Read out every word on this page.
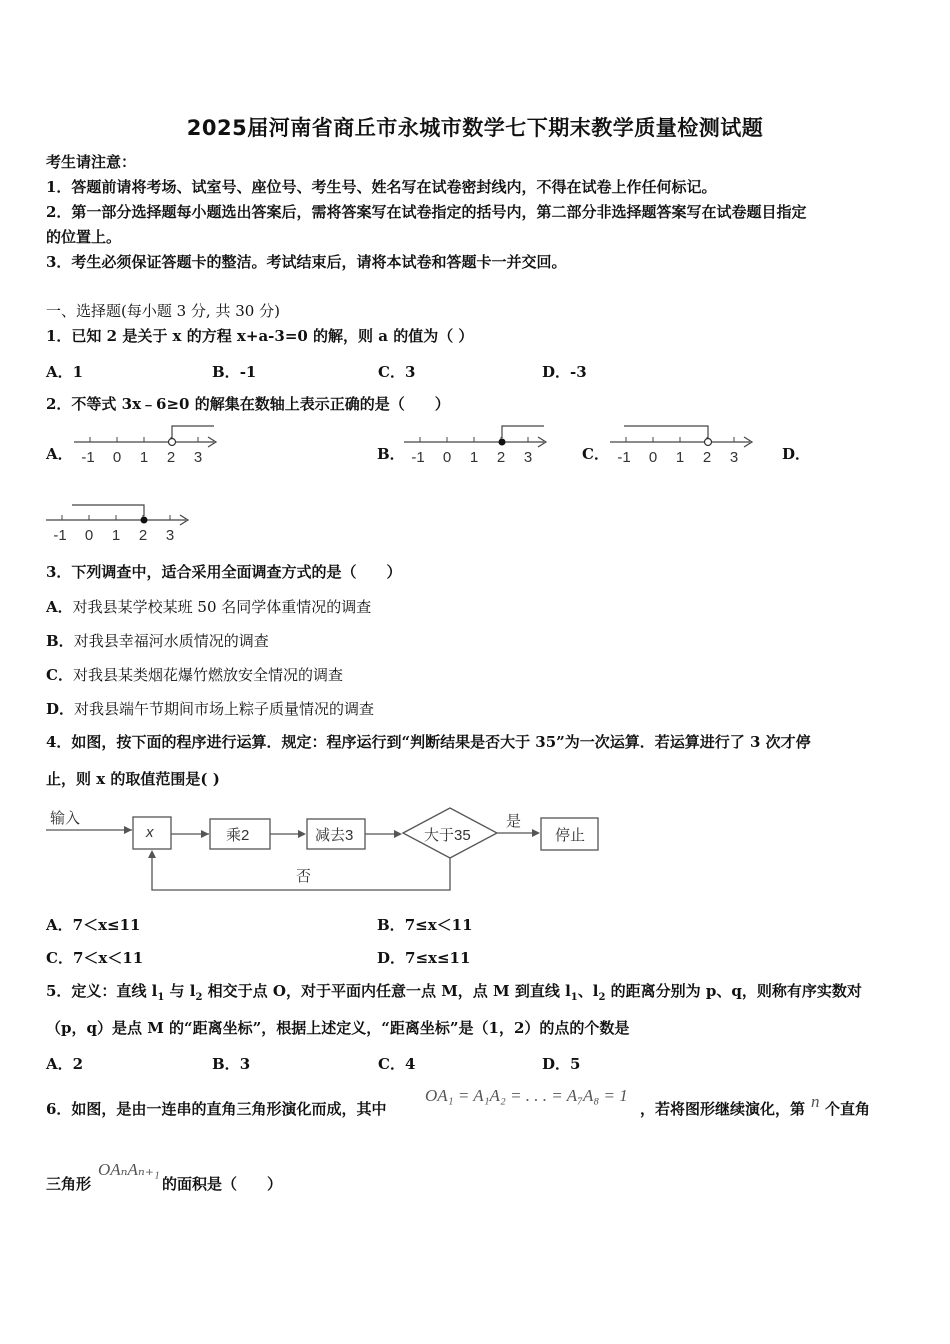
2025届河南省商丘市永城市数学七下期末教学质量检测试题
考生请注意：
1．答题前请将考场、试室号、座位号、考生号、姓名写在试卷密封线内，不得在试卷上作任何标记。
2．第一部分选择题每小题选出答案后，需将答案写在试卷指定的括号内，第二部分非选择题答案写在试卷题目指定
的位置上。
3．考生必须保证答题卡的整洁。考试结束后，请将本试卷和答题卡一并交回。
一、选择题(每小题 3 分, 共 30 分)
1．已知 2 是关于 x 的方程 x+a-3=0 的解，则 a 的值为（ ）
A．1	B．-1	C．3	D．-3
2．不等式 3x﹣6≥0 的解集在数轴上表示正确的是（　　）
A． -1 0 1 2 3	B． -1 0 1 2 3	C． -1 0 1 2 3	D．
-1 0 1 2 3
3．下列调查中，适合采用全面调查方式的是（　　）
A．对我县某学校某班 50 名同学体重情况的调查
B．对我县幸福河水质情况的调查
C．对我县某类烟花爆竹燃放安全情况的调查
D．对我县端午节期间市场上粽子质量情况的调查
4．如图，按下面的程序进行运算．规定：程序运行到“判断结果是否大于 35”为一次运算．若运算进行了 3 次才停
止，则 x 的取值范围是( )
输入
x	乘2	减去3	大于35
是
停止
否
A．7＜x≤11	B．7≤x＜11
C．7＜x＜11	D．7≤x≤11
5．定义：直线 $l_1$ 与 $l_2$ 相交于点 O，对于平面内任意一点 M，点 M 到直线 $l_1$、$l_2$ 的距离分别为 p、q，则称有序实数对
（p，q）是点 M 的“距离坐标”，根据上述定义，“距离坐标”是（1，2）的点的个数是
A．2	B．3	C．4	D．5
6．如图，是由一连串的直角三角形演化而成，其中
OA₁ = A₁A₂ = . . . = A₇A₈ = 1
，若将图形继续演化，第 n 个直角
三角形
OAₙAₙ₊₁
的面积是（　　）
